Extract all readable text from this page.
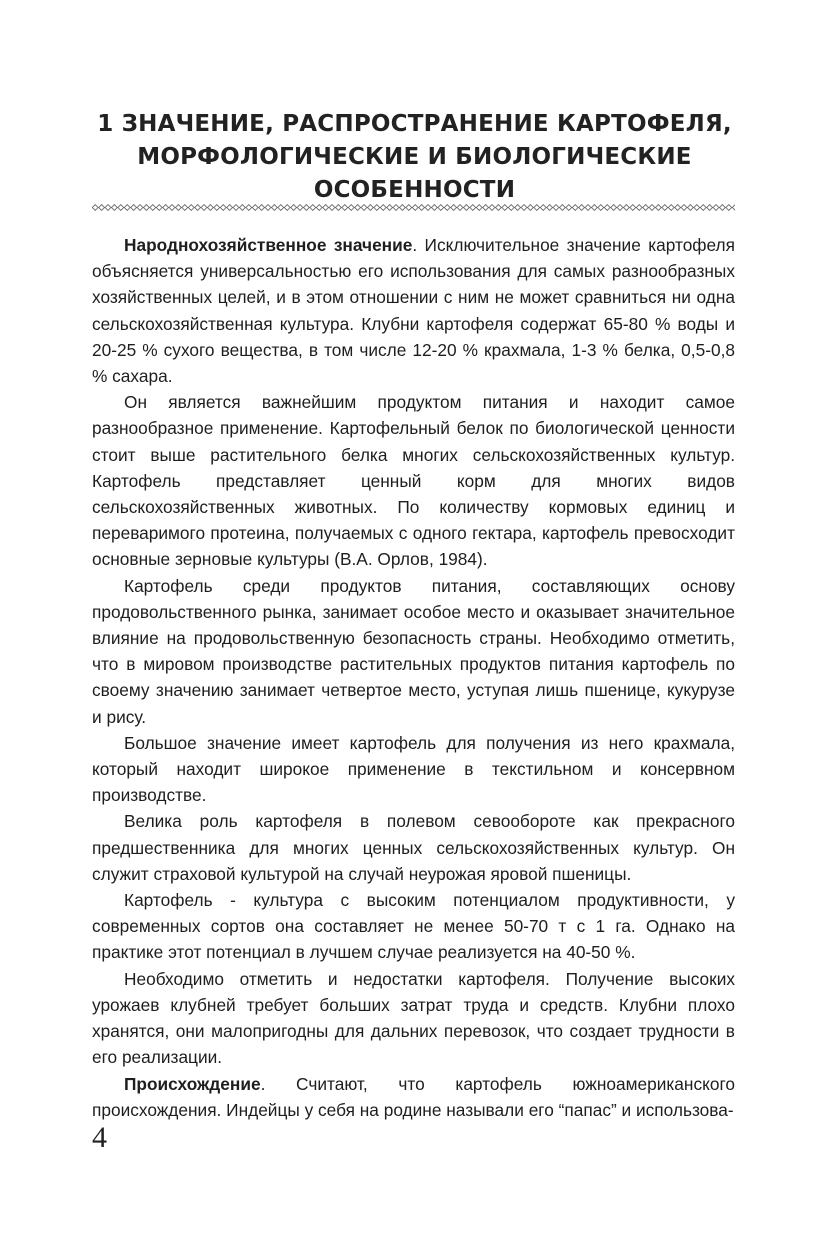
1 ЗНАЧЕНИЕ, РАСПРОСТРАНЕНИЕ КАРТОФЕЛЯ,
МОРФОЛОГИЧЕСКИЕ И БИОЛОГИЧЕСКИЕ
ОСОБЕННОСТИ

Народнохозяйственное значение. Исключительное значение картофеля объясняется универсальностью его использования для самых разнообразных хозяйственных целей, и в этом отношении с ним не может сравниться ни одна сельскохозяйственная культура. Клубни картофеля содержат 65-80 % воды и 20-25 % сухого вещества, в том числе 12-20 % крахмала, 1-3 % белка, 0,5-0,8 % сахара.

Он является важнейшим продуктом питания и находит самое разнообразное применение. Картофельный белок по биологической ценности стоит выше растительного белка многих сельскохозяйственных культур. Картофель представляет ценный корм для многих видов сельскохозяйственных животных. По количеству кормовых единиц и переваримого протеина, получаемых с одного гектара, картофель превосходит основные зерновые культуры (В.А. Орлов, 1984).

Картофель среди продуктов питания, составляющих основу продовольственного рынка, занимает особое место и оказывает значительное влияние на продовольственную безопасность страны. Необходимо отметить, что в мировом производстве растительных продуктов питания картофель по своему значению занимает четвертое место, уступая лишь пшенице, кукурузе и рису.

Большое значение имеет картофель для получения из него крахмала, который находит широкое применение в текстильном и консервном производстве.

Велика роль картофеля в полевом севообороте как прекрасного предшественника для многих ценных сельскохозяйственных культур. Он служит страховой культурой на случай неурожая яровой пшеницы.

Картофель - культура с высоким потенциалом продуктивности, у современных сортов она составляет не менее 50-70 т с 1 га. Однако на практике этот потенциал в лучшем случае реализуется на 40-50 %.

Необходимо отметить и недостатки картофеля. Получение высоких урожаев клубней требует больших затрат труда и средств. Клубни плохо хранятся, они малопригодны для дальних перевозок, что создает трудности в его реализации.

Происхождение. Считают, что картофель южноамериканского происхождения. Индейцы у себя на родине называли его “папас” и использова-

4
